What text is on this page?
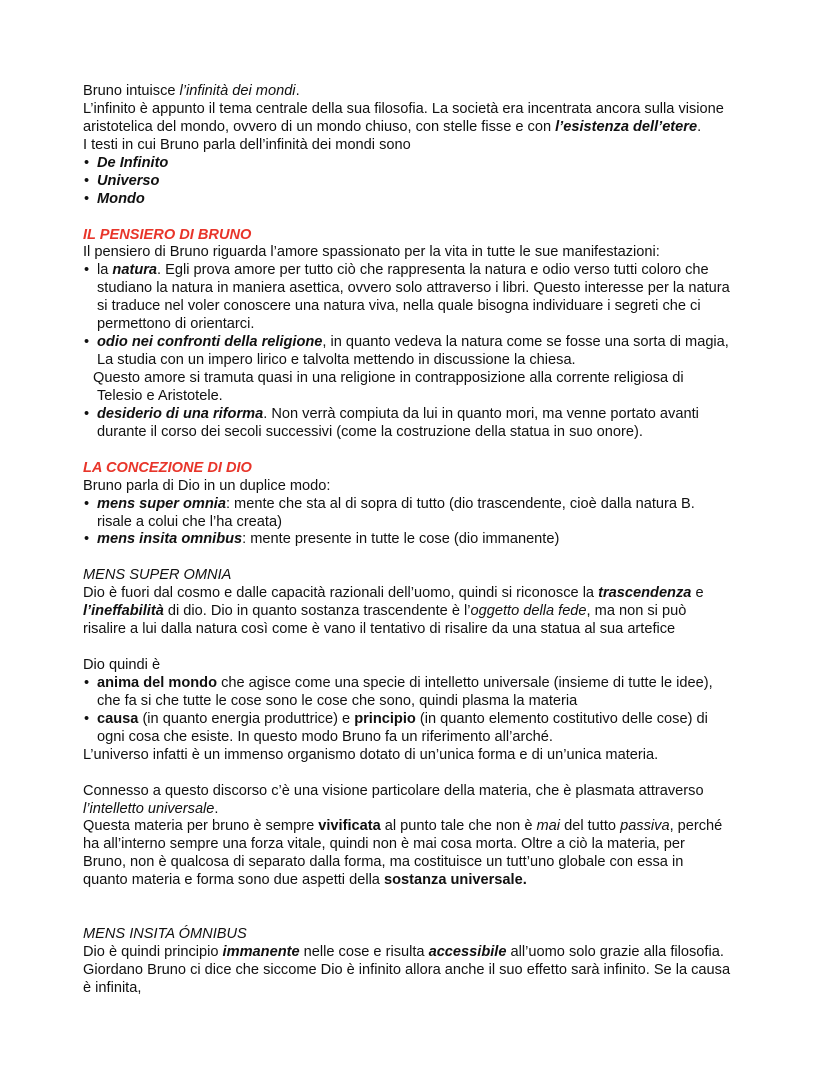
Bruno intuisce l’infinità dei mondi.
L’infinito è appunto il tema centrale della sua filosofia. La società era incentrata ancora sulla visione
aristotelica del mondo, ovvero di un mondo chiuso, con stelle fisse e con l’esistenza dell’etere.
I testi in cui Bruno parla dell’infinità dei mondi sono
• De Infinito
• Universo
• Mondo
IL PENSIERO DI BRUNO
Il pensiero di Bruno riguarda l’amore spassionato per la vita in tutte le sue manifestazioni:
• la natura. Egli prova amore per tutto ciò che rappresenta la natura e odio verso tutti coloro che
studiano la natura in maniera asettica, ovvero solo attraverso i libri. Questo interesse per la natura
si traduce nel voler conoscere una natura viva, nella quale bisogna individuare i segreti che ci
permettono di orientarci.
• odio nei confronti della religione, in quanto vedeva la natura come se fosse una sorta di magia,
La studia con un impero lirico e talvolta mettendo in discussione la chiesa.
Questo amore si tramuta quasi in una religione in contrapposizione alla corrente religiosa di
Telesio e Aristotele.
• desiderio di una riforma. Non verrà compiuta da lui in quanto mori, ma venne portato avanti
durante il corso dei secoli successivi (come la costruzione della statua in suo onore).
LA CONCEZIONE DI DIO
Bruno parla di Dio in un duplice modo:
• mens super omnia: mente che sta al di sopra di tutto (dio trascendente, cioè dalla natura B.
risale a colui che l’ha creata)
• mens insita omnibus: mente presente in tutte le cose (dio immanente)
MENS SUPER OMNIA
Dio è fuori dal cosmo e dalle capacità razionali dell’uomo, quindi si riconosce la trascendenza e
l’ineffabilità di dio. Dio in quanto sostanza trascendente è l’oggetto della fede, ma non si può
risalire a lui dalla natura così come è vano il tentativo di risalire da una statua al sua artefice
Dio quindi è
• anima del mondo che agisce come una specie di intelletto universale (insieme di tutte le idee),
che fa si che tutte le cose sono le cose che sono, quindi plasma la materia
• causa (in quanto energia produttrice) e principio (in quanto elemento costitutivo delle cose) di
ogni cosa che esiste. In questo modo Bruno fa un riferimento all’arché.
L’universo infatti è un immenso organismo dotato di un’unica forma e di un’unica materia.
Connesso a questo discorso c’è una visione particolare della materia, che è plasmata attraverso
l’intelletto universale.
Questa materia per bruno è sempre vivificata al punto tale che non è mai del tutto passiva, perché
ha all’interno sempre una forza vitale, quindi non è mai cosa morta. Oltre a ciò la materia, per
Bruno, non è qualcosa di separato dalla forma, ma costituisce un tutt’uno globale con essa in
quanto materia e forma sono due aspetti della sostanza universale.
MENS INSITA ÓMNIBUS
Dio è quindi principio immanente nelle cose e risulta accessibile all’uomo solo grazie alla filosofia.
Giordano Bruno ci dice che siccome Dio è infinito allora anche il suo effetto sarà infinito. Se la causa
è infinita,
